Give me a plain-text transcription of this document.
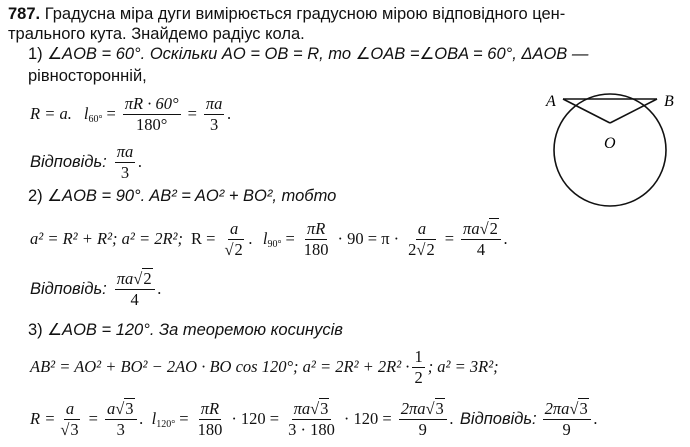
787. Градусна міра дуги вимірюється градусною мірою відповідного цен-
трального кута. Знайдемо радіус кола.
1) ∠AOB = 60°. Оскільки AO = OB = R, то ∠OAB =∠OBA = 60°, ΔAOB —
рівносторонній,
R = a. $l_{60^\circ} = \frac{\pi R \cdot 60^\circ}{180^\circ} = \frac{\pi a}{3}$ .
Відповідь: $\frac{\pi a}{3}$ .
2) ∠AOB = 90°. AB² = AO² + BO², тобто
a² = R² + R²; a² = 2R²; $R = \frac{a}{√2}$ . $l_{90^\circ} = \frac{\pi R}{180} \cdot 90 = \pi \cdot \frac{a}{2√2} = \frac{\pi a√2}{4}$ .
Відповідь: $\frac{\pi a√2}{4}$ .
3) ∠AOB = 120°. За теоремою косинусів
AB² = AO² + BO² − 2AO · BO cos 120°; $a^2 = 2R^2 + 2R^2 \cdot \frac{1}{2}$ ; a² = 3R²;
$R = \frac{a}{√3} = \frac{a√3}{3}$ . $l_{120^\circ} = \frac{\pi R}{180} \cdot 120 = \frac{\pi a√3}{3 \cdot 180} \cdot 120 = \frac{2\pi a√3}{9}$ . Відповідь: $\frac{2\pi a√3}{9}$ .
A	B
O
